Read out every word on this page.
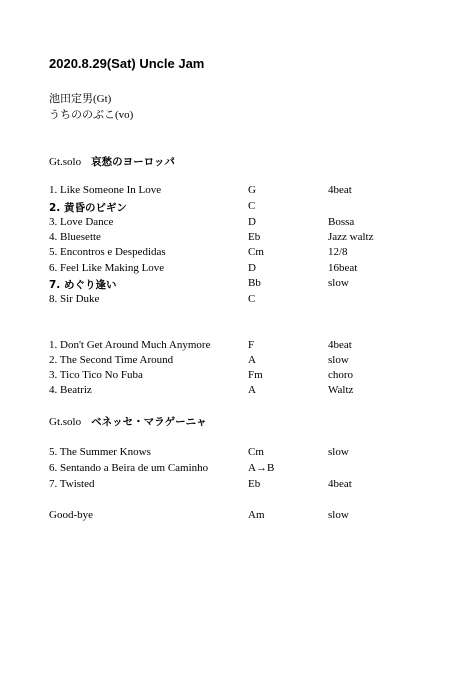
2020.8.29(Sat) Uncle Jam
池田定男(Gt)
うちののぶこ(vo)
Gt.solo 哀愁のヨーロッパ
1. Like Someone In Love	G	4beat
2. 黄昏のビギン	C
3. Love Dance	D	Bossa
4. Bluesette	Eb	Jazz waltz
5. Encontros e Despedidas	Cm	12/8
6. Feel Like Making Love	D	16beat
7. めぐり逢い	Bb	slow
8. Sir Duke	C
1. Don't Get Around Much Anymore	F	4beat
2. The Second Time Around	A	slow
3. Tico Tico No Fuba	Fm	choro
4. Beatriz	A	Waltz
Gt.solo ベネッセ・マラゲーニャ
5. The Summer Knows	Cm	slow
6. Sentando a Beira de um Caminho	A→B
7. Twisted	Eb	4beat
Good-bye	Am	slow
